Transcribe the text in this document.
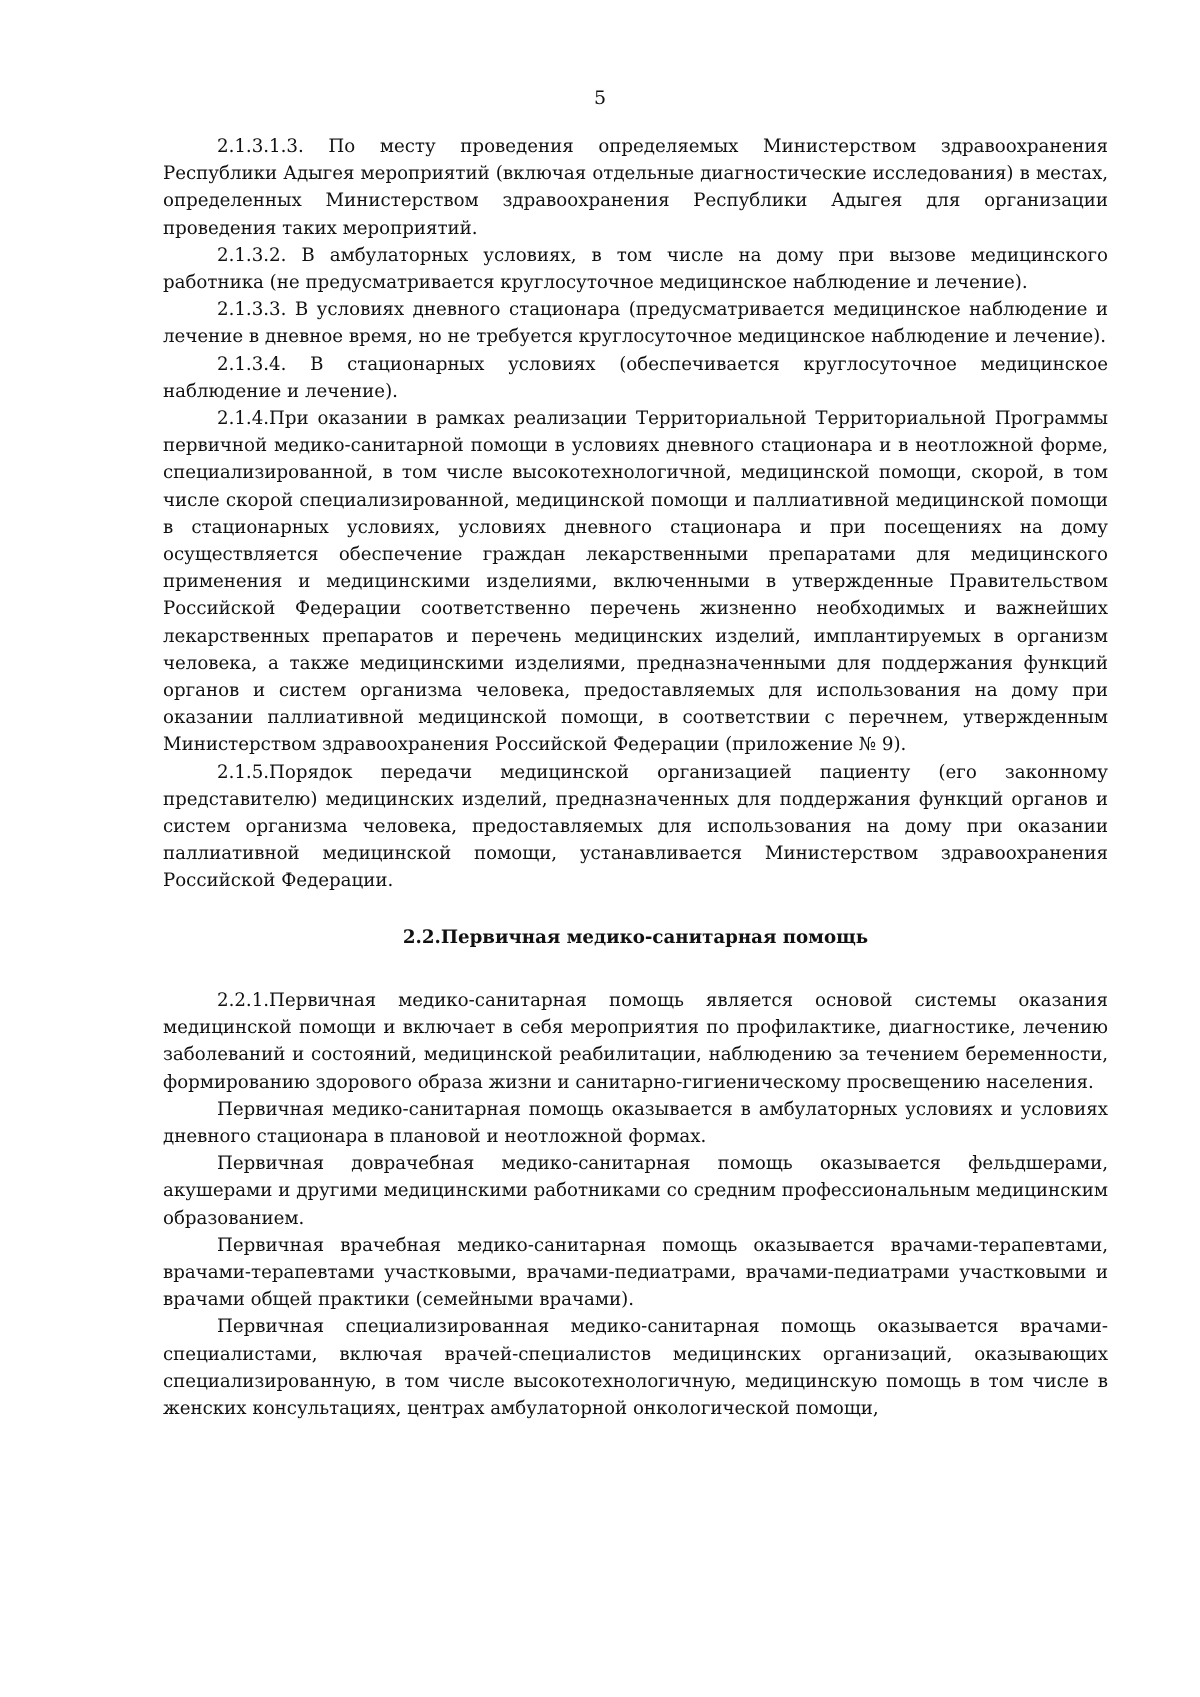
5

2.1.3.1.3. По месту проведения определяемых Министерством здравоохранения Республики Адыгея мероприятий (включая отдельные диагностические исследования) в местах, определенных Министерством здравоохранения Республики Адыгея для организации проведения таких мероприятий.

2.1.3.2. В амбулаторных условиях, в том числе на дому при вызове медицинского работника (не предусматривается круглосуточное медицинское наблюдение и лечение).

2.1.3.3. В условиях дневного стационара (предусматривается медицинское наблюдение и лечение в дневное время, но не требуется круглосуточное медицинское наблюдение и лечение).

2.1.3.4. В стационарных условиях (обеспечивается круглосуточное медицинское наблюдение и лечение).

2.1.4.При оказании в рамках реализации Территориальной Территориальной Программы первичной медико-санитарной помощи в условиях дневного стационара и в неотложной форме, специализированной, в том числе высокотехнологичной, медицинской помощи, скорой, в том числе скорой специализированной, медицинской помощи и паллиативной медицинской помощи в стационарных условиях, условиях дневного стационара и при посещениях на дому осуществляется обеспечение граждан лекарственными препаратами для медицинского применения и медицинскими изделиями, включенными в утвержденные Правительством Российской Федерации соответственно перечень жизненно необходимых и важнейших лекарственных препаратов и перечень медицинских изделий, имплантируемых в организм человека, а также медицинскими изделиями, предназначенными для поддержания функций органов и систем организма человека, предоставляемых для использования на дому при оказании паллиативной медицинской помощи, в соответствии с перечнем, утвержденным Министерством здравоохранения Российской Федерации (приложение № 9).

2.1.5.Порядок передачи медицинской организацией пациенту (его законному представителю) медицинских изделий, предназначенных для поддержания функций органов и систем организма человека, предоставляемых для использования на дому при оказании паллиативной медицинской помощи, устанавливается Министерством здравоохранения Российской Федерации.

2.2.Первичная медико-санитарная помощь

2.2.1.Первичная медико-санитарная помощь является основой системы оказания медицинской помощи и включает в себя мероприятия по профилактике, диагностике, лечению заболеваний и состояний, медицинской реабилитации, наблюдению за течением беременности, формированию здорового образа жизни и санитарно-гигиеническому просвещению населения.

Первичная медико-санитарная помощь оказывается в амбулаторных условиях и условиях дневного стационара в плановой и неотложной формах.

Первичная доврачебная медико-санитарная помощь оказывается фельдшерами, акушерами и другими медицинскими работниками со средним профессиональным медицинским образованием.

Первичная врачебная медико-санитарная помощь оказывается врачами-терапевтами, врачами-терапевтами участковыми, врачами-педиатрами, врачами-педиатрами участковыми и врачами общей практики (семейными врачами).

Первичная специализированная медико-санитарная помощь оказывается врачами-специалистами, включая врачей-специалистов медицинских организаций, оказывающих специализированную, в том числе высокотехнологичную, медицинскую помощь в том числе в женских консультациях, центрах амбулаторной онкологической помощи,
